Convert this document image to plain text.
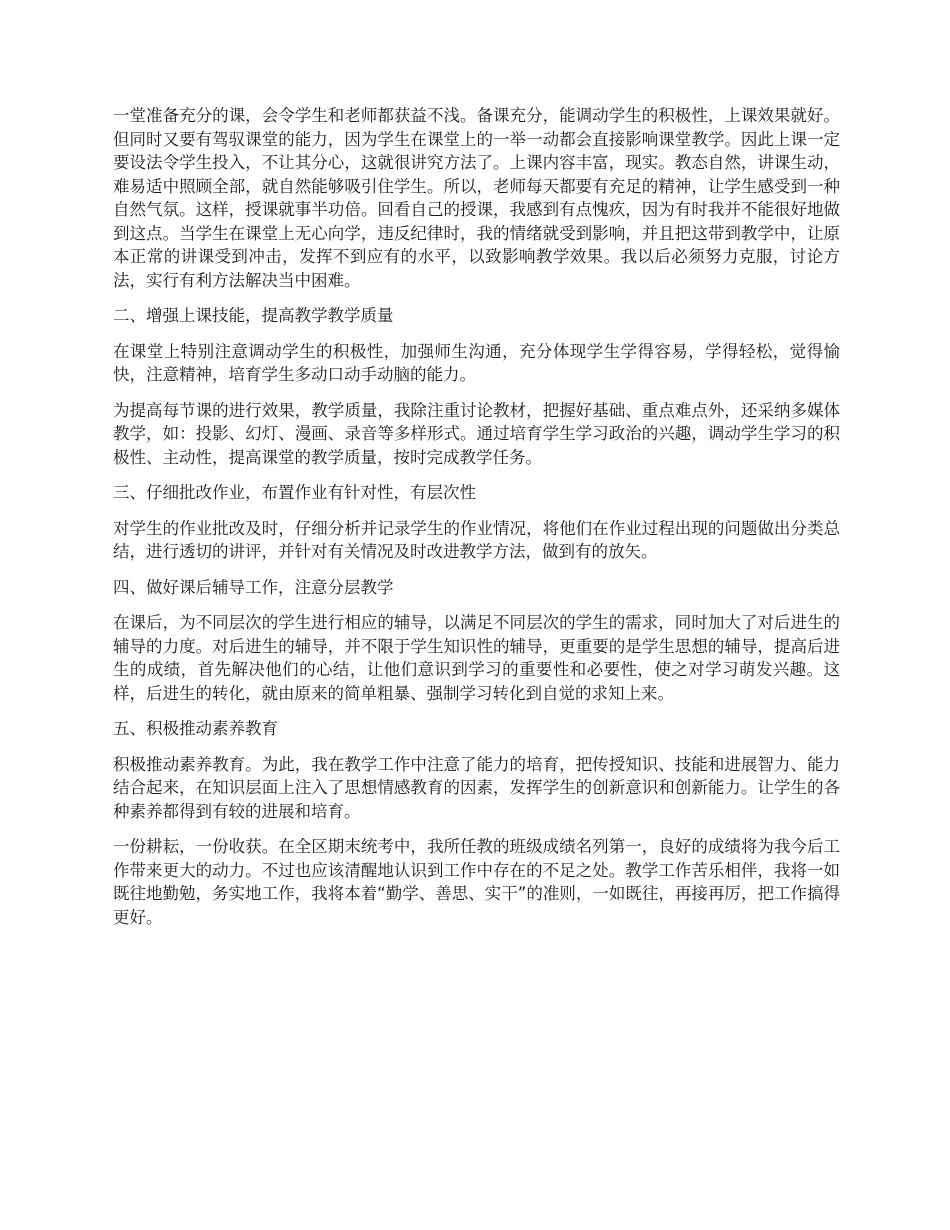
一堂准备充分的课，会令学生和老师都获益不浅。备课充分，能调动学生的积极性，上课效果就好。但同时又要有驾驭课堂的能力，因为学生在课堂上的一举一动都会直接影响课堂教学。因此上课一定要设法令学生投入，不让其分心，这就很讲究方法了。上课内容丰富，现实。教态自然，讲课生动，难易适中照顾全部，就自然能够吸引住学生。所以，老师每天都要有充足的精神，让学生感受到一种自然气氛。这样，授课就事半功倍。回看自己的授课，我感到有点愧疚，因为有时我并不能很好地做到这点。当学生在课堂上无心向学，违反纪律时，我的情绪就受到影响，并且把这带到教学中，让原本正常的讲课受到冲击，发挥不到应有的水平，以致影响教学效果。我以后必须努力克服，讨论方法，实行有利方法解决当中困难。

二、增强上课技能，提高教学教学质量

在课堂上特别注意调动学生的积极性，加强师生沟通，充分体现学生学得容易，学得轻松，觉得愉快，注意精神，培育学生多动口动手动脑的能力。

为提高每节课的进行效果，教学质量，我除注重讨论教材，把握好基础、重点难点外，还采纳多媒体教学，如：投影、幻灯、漫画、录音等多样形式。通过培育学生学习政治的兴趣，调动学生学习的积极性、主动性，提高课堂的教学质量，按时完成教学任务。

三、仔细批改作业，布置作业有针对性，有层次性

对学生的作业批改及时，仔细分析并记录学生的作业情况，将他们在作业过程出现的问题做出分类总结，进行透切的讲评，并针对有关情况及时改进教学方法，做到有的放矢。

四、做好课后辅导工作，注意分层教学

在课后，为不同层次的学生进行相应的辅导，以满足不同层次的学生的需求，同时加大了对后进生的辅导的力度。对后进生的辅导，并不限于学生知识性的辅导，更重要的是学生思想的辅导，提高后进生的成绩，首先解决他们的心结，让他们意识到学习的重要性和必要性，使之对学习萌发兴趣。这样，后进生的转化，就由原来的简单粗暴、强制学习转化到自觉的求知上来。

五、积极推动素养教育

积极推动素养教育。为此，我在教学工作中注意了能力的培育，把传授知识、技能和进展智力、能力结合起来，在知识层面上注入了思想情感教育的因素，发挥学生的创新意识和创新能力。让学生的各种素养都得到有较的进展和培育。

一份耕耘，一份收获。在全区期末统考中，我所任教的班级成绩名列第一，良好的成绩将为我今后工作带来更大的动力。不过也应该清醒地认识到工作中存在的不足之处。教学工作苦乐相伴，我将一如既往地勤勉，务实地工作，我将本着“勤学、善思、实干”的准则，一如既往，再接再厉，把工作搞得更好。
